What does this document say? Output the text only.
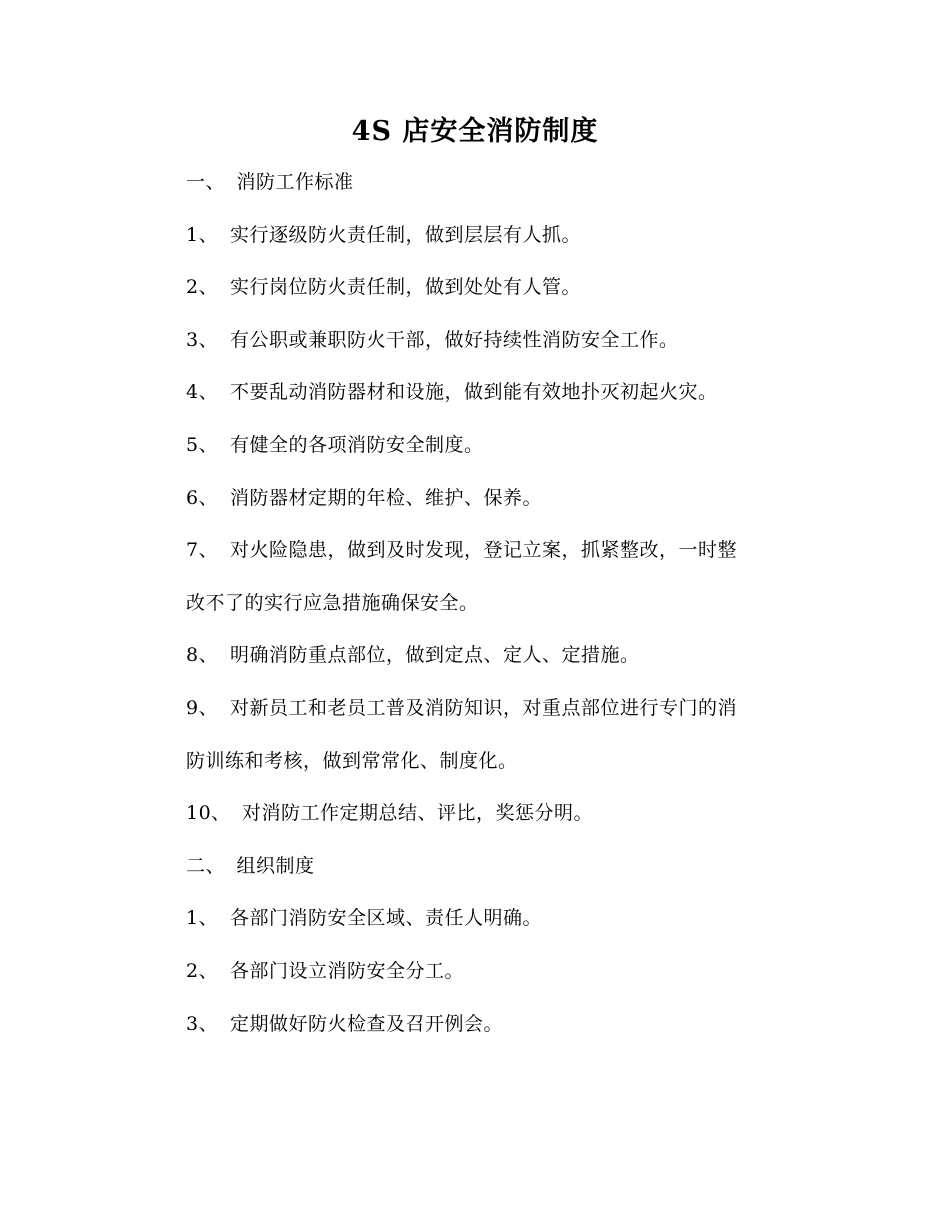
4S 店安全消防制度
一、 消防工作标准
1、 实行逐级防火责任制，做到层层有人抓。
2、 实行岗位防火责任制，做到处处有人管。
3、 有公职或兼职防火干部，做好持续性消防安全工作。
4、 不要乱动消防器材和设施，做到能有效地扑灭初起火灾。
5、 有健全的各项消防安全制度。
6、 消防器材定期的年检、维护、保养。
7、 对火险隐患，做到及时发现，登记立案，抓紧整改，一时整
改不了的实行应急措施确保安全。
8、 明确消防重点部位，做到定点、定人、定措施。
9、 对新员工和老员工普及消防知识，对重点部位进行专门的消
防训练和考核，做到常常化、制度化。
10、 对消防工作定期总结、评比，奖惩分明。
二、 组织制度
1、 各部门消防安全区域、责任人明确。
2、 各部门设立消防安全分工。
3、 定期做好防火检查及召开例会。
